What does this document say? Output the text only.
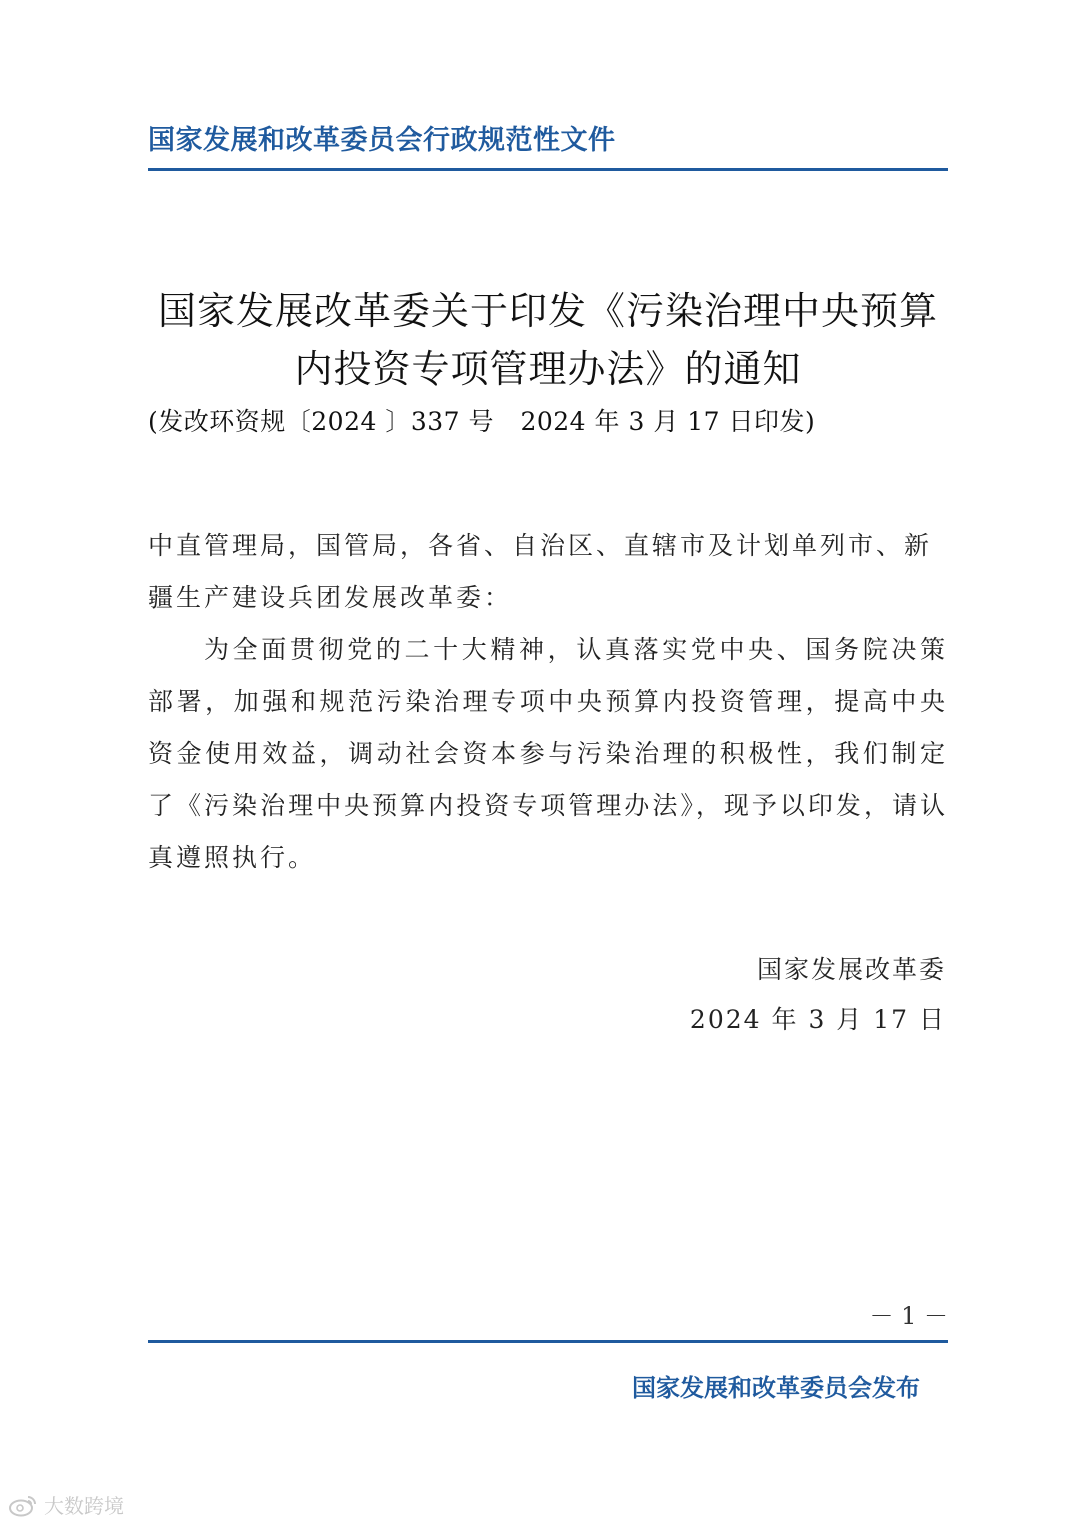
国家发展和改革委员会行政规范性文件
国家发展改革委关于印发《污染治理中央预算
内投资专项管理办法》的通知
(发改环资规〔2024 〕337 号 2024 年 3 月 17 日印发)

中直管理局，国管局，各省、自治区、直辖市及计划单列市、新
疆生产建设兵团发展改革委：

为全面贯彻党的二十大精神，认真落实党中央、国务院决策部署，加强和规范污染治理专项中央预算内投资管理，提高中央资金使用效益，调动社会资本参与污染治理的积极性，我们制定了《污染治理中央预算内投资专项管理办法》，现予以印发，请认真遵照执行。

国家发展改革委
2024 年 3 月 17 日
－ 1 －
国家发展和改革委员会发布
大数跨境
